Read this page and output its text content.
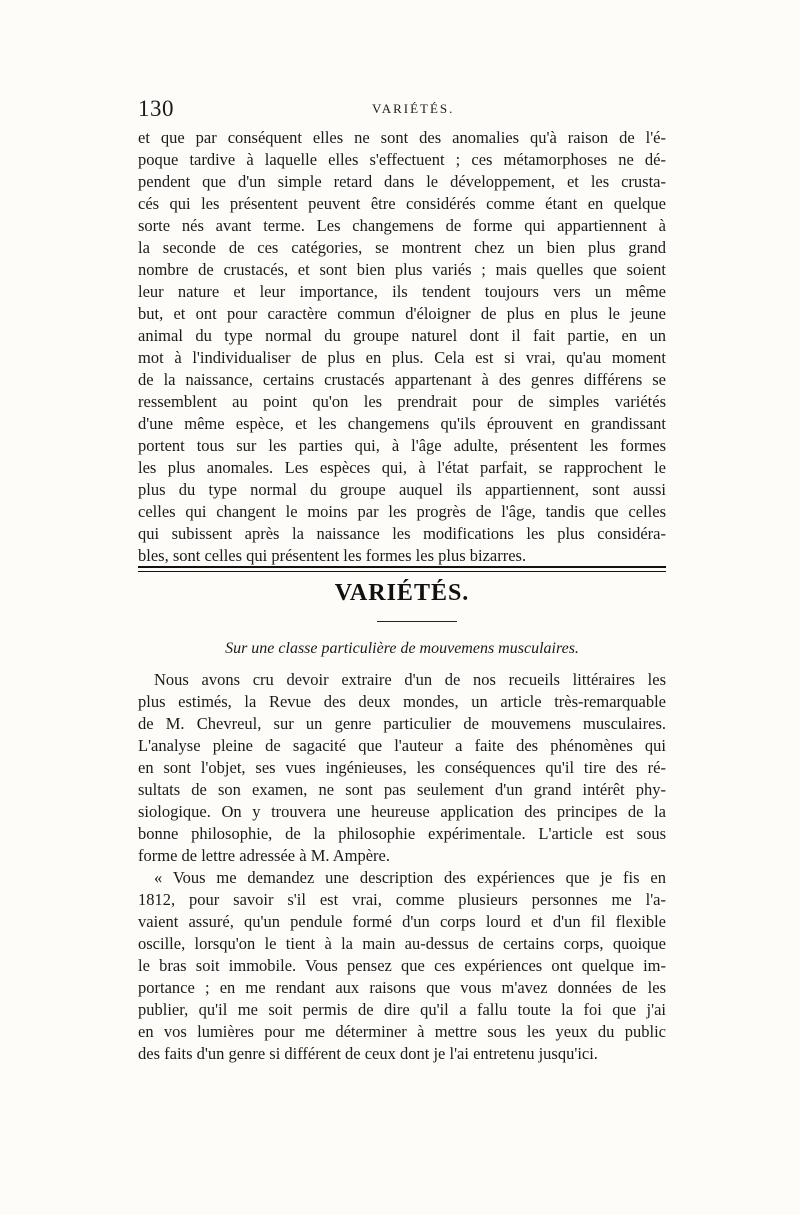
130	VARIÉTÉS.
et que par conséquent elles ne sont des anomalies qu'à raison de l'é-
poque tardive à laquelle elles s'effectuent ; ces métamorphoses ne dé-
pendent que d'un simple retard dans le développement, et les crusta-
cés qui les présentent peuvent être considérés comme étant en quelque
sorte nés avant terme. Les changemens de forme qui appartiennent à
la seconde de ces catégories, se montrent chez un bien plus grand
nombre de crustacés, et sont bien plus variés ; mais quelles que soient
leur nature et leur importance, ils tendent toujours vers un même
but, et ont pour caractère commun d'éloigner de plus en plus le jeune
animal du type normal du groupe naturel dont il fait partie, en un
mot à l'individualiser de plus en plus. Cela est si vrai, qu'au moment
de la naissance, certains crustacés appartenant à des genres différens se
ressemblent au point qu'on les prendrait pour de simples variétés
d'une même espèce, et les changemens qu'ils éprouvent en grandissant
portent tous sur les parties qui, à l'âge adulte, présentent les formes
les plus anomales. Les espèces qui, à l'état parfait, se rapprochent le
plus du type normal du groupe auquel ils appartiennent, sont aussi
celles qui changent le moins par les progrès de l'âge, tandis que celles
qui subissent après la naissance les modifications les plus considéra-
bles, sont celles qui présentent les formes les plus bizarres.
VARIÉTÉS.
Sur une classe particulière de mouvemens musculaires.
Nous avons cru devoir extraire d'un de nos recueils littéraires les
plus estimés, la Revue des deux mondes, un article très-remarquable
de M. Chevreul, sur un genre particulier de mouvemens musculaires.
L'analyse pleine de sagacité que l'auteur a faite des phénomènes qui
en sont l'objet, ses vues ingénieuses, les conséquences qu'il tire des ré-
sultats de son examen, ne sont pas seulement d'un grand intérêt phy-
siologique. On y trouvera une heureuse application des principes de la
bonne philosophie, de la philosophie expérimentale. L'article est sous
forme de lettre adressée à M. Ampère.
« Vous me demandez une description des expériences que je fis en
1812, pour savoir s'il est vrai, comme plusieurs personnes me l'a-
vaient assuré, qu'un pendule formé d'un corps lourd et d'un fil flexible
oscille, lorsqu'on le tient à la main au-dessus de certains corps, quoique
le bras soit immobile. Vous pensez que ces expériences ont quelque im-
portance ; en me rendant aux raisons que vous m'avez données de les
publier, qu'il me soit permis de dire qu'il a fallu toute la foi que j'ai
en vos lumières pour me déterminer à mettre sous les yeux du public
des faits d'un genre si différent de ceux dont je l'ai entretenu jusqu'ici.
